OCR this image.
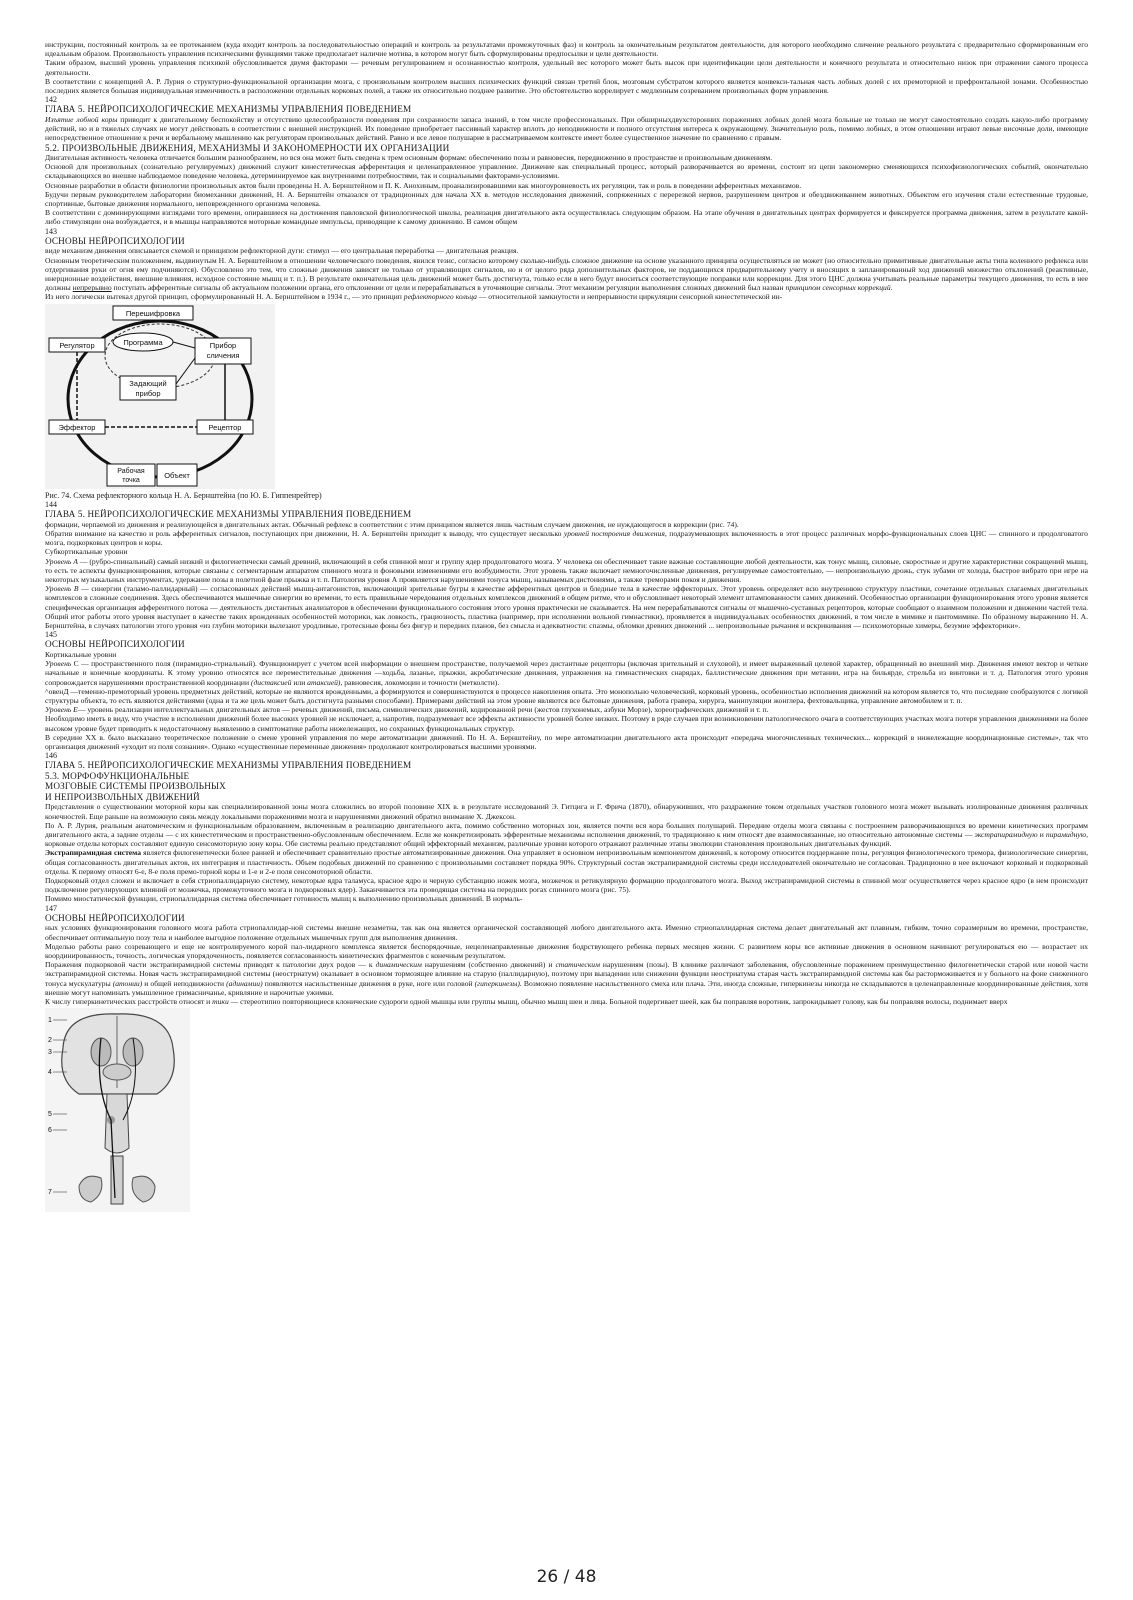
инструкции, постоянный контроль за ее протеканием (куда входит контроль за последовательностью операций и контроль за результатами промежуточных фаз) и контроль за окончательным результатом деятельности, для которого необходимо сличение реального результата с предварительно сформированным его идеальным образом. Произвольность управления психическими функциями также предполагает наличие мотива, в котором могут быть сформулированы предпосылки и цели деятельности.

Таким образом, высший уровень управления психикой обусловливается двумя факторами — речевым регулированием и осознанностью контроля, удельный вес которого может быть высок при идентификации цели деятельности и конечного результата и относительно низок при отражении самого процесса деятельности.

В соответствии с концепцией А. Р. Лурия о структурно-функциональной организации мозга, с произвольным контролем высших психических функций связан третий блок, мозговым субстратом которого является конвекси-тальная часть лобных долей с их премоторной и префронтальной зонами. Особенностью последних является большая индивидуальная изменчивость в расположении отдельных корковых полей, а также их относительно позднее развитие. Это обстоятельство коррелирует с медленным созреванием произвольных форм управления.

142

ГЛАВА 5. НЕЙРОПСИХОЛОГИЧЕСКИЕ МЕХАНИЗМЫ УПРАВЛЕНИЯ ПОВЕДЕНИЕМ

Изъятие лобной коры приводит к двигательному беспокойству и отсутствию целесообразности поведения при сохранности запаса знаний, в том числе профессиональных. При обширныхдвухсторонних поражениях лобных долей мозга больные не только не могут самостоятельно создать какую-либо программу действий, но и в тяжелых случаях не могут действовать в соответствии с внешней инструкцией. Их поведение приобретает пассивный характер вплоть до неподвижности и полного отсутствия интереса к окружающему. Значительную роль, помимо лобных, в этом отношении играют левые височные доли, имеющие непосредственное отношение к речи и вербальному мышлению как регуляторам произвольных действий. Равно и все левое полушарие в рассматриваемом контексте имеет более существенное значение по сравнению с правым.

5.2. ПРОИЗВОЛЬНЫЕ ДВИЖЕНИЯ, МЕХАНИЗМЫ И ЗАКОНОМЕРНОСТИ ИХ ОРГАНИЗАЦИИ

Двигательная активность человека отличается большим разнообразием, но вся она может быть сведена к трем основным формам: обеспечению позы и равновесия, передвижению в пространстве и произвольным движениям.

Основой для произвольных (сознательно регулируемых) движений служит кинестетическая афферентация и целенаправленное управление. Движение как специальный процесс, который разворачивается во времени, состоит из цепи закономерно сменяющихся психофизиологических событий, окончательно складывающихся во внешне наблюдаемое поведение человека, детерминируемое как внутренними потребностями, так и социальными факторами-условиями.

Основные разработки в области физиологии произвольных актов были проведены Н. А. Бернштейном и П. К. Анохиным, проанализировавшими как многоуровневость их регуляции, так и роль в поведении афферентных механизмов.

Будучи первым руководителем лаборатории биомеханики движений, Н. А. Бернштейн отказался от традиционных для начала XX в. методов исследования движений, сопряженных с перерезкой нервов, разрушением центров и обездвиживанием животных. Объектом его изучения стали естественные трудовые, спортивные, бытовые движения нормального, неповрежденного организма человека.

В соответствии с доминирующими взглядами того времени, опиравшиеся на достижения павловской физиологической школы, реализация двигательного акта осуществлялась следующим образом. На этапе обучения в двигательных центрах формируется и фиксируется программа движения, затем в результате какой-либо стимуляции она возбуждается, и в мышцы направляются моторные командные импульсы, приводящие к самому движению. В самом общем

143

ОСНОВЫ НЕЙРОПСИХОЛОГИИ

виде механизм движения описывается схемой и принципом рефлекторной дуги: стимул — его центральная переработка — двигательная реакция.

Основным теоретическим положением, выдвинутым Н. А. Бернштейном в отношении человеческого поведения, явился тезис, согласно которому сколько-нибудь сложное движение на основе указанного принципа осуществляться не может (но относительно примитивные двигательные акты типа коленного рефлекса или отдергивания руки от огня ему подчиняются). Обусловлено это тем, что сложные движения зависят не только от управляющих сигналов, но и от целого ряда дополнительных факторов, не поддающихся предварительному учету и вносящих в запланированный ход движений множество отклонений (реактивные, инерционные воздействия, внешние влияния, исходное состояние мышц и т. п.). В результате окончательная цель движений может быть достигнута, только если в него будут вноситься соответствующие поправки или коррекции. Для этого ЦНС должна учитывать реальные параметры текущего движения, то есть в нее должны непрерывно поступать афферентные сигналы об актуальном положении органа, его отклонении от цели и перерабатываться в уточняющие сигналы. Этот механизм регуляции выполнения сложных движений был назван принципом сенсорных коррекций.

Из него логически вытекал другой принцип, сформулированный Н. А. Бернштейном в 1934 г., — это принцип рефлекторного кольца — относительной замкнутости и непрерывности циркуляции сенсорной кинестетической ин-

Перешифровка
Регулятор	Программа	Прибор
сличения
Задающий
прибор
Эффектор	Рецептор
Рабочая
точка
Объект

Рис. 74. Схема рефлекторного кольца Н. А. Бернштейна (по Ю. Б. Гиппенрейтер)

144

ГЛАВА 5. НЕЙРОПСИХОЛОГИЧЕСКИЕ МЕХАНИЗМЫ УПРАВЛЕНИЯ ПОВЕДЕНИЕМ

формации, черпаемой из движения и реализующейся в двигательных актах. Обычный рефлекс в соответствии с этим принципом является лишь частным случаем движения, не нуждающегося в коррекции (рис. 74).

Обратив внимание на качество и роль афферентных сигналов, поступающих при движении, Н. А. Бернштейн приходит к выводу, что существует несколько уровней построения движения, подразумевающих включенность в этот процесс различных морфо-функциональных слоев ЦНС — спинного и продолговатого мозга, подкорковых центров и коры.

Субкортикальные уровни

Уровень А — (рубро-спинальный) самый низкий и филогенетически самый древний, включающий в себя спинной мозг и группу ядер продолговатого мозга. У человека он обеспечивает такие важные составляющие любой деятельности, как тонус мышц, силовые, скоростные и другие характеристики сокращений мышц, то есть те аспекты функционирования, которые связаны с сегментарным аппаратом спинного мозга и фоновыми изменениями его возбудимости. Этот уровень также включает немногочисленные движения, регулируемые самостоятельно, — непроизвольную дрожь, стук зубами от холода, быстрое вибрато при игре на некоторых музыкальных инструментах, удержание позы в полетной фазе прыжка и т. п. Патология уровня А проявляется нарушениями тонуса мышц, называемых дистониями, а также треморами покоя и движения.

Уровень В — синергии (таламо-паллидарный) — согласованных действий мышц-антагонистов, включающий зрительные бугры в качестве афферентных центров и бледные тела в качестве эффекторных. Этот уровень определяет всю внутреннюю структуру пластики, сочетание отдельных слагаемых двигательных комплексов в сложные соединения. Здесь обеспечиваются мышечные синергии во времени, то есть правильные чередования отдельных комплексов движений в общем ритме, что и обусловливает некоторый элемент штампованности самих движений. Особенностью организации функционирования этого уровня является специфическая организация афферентного потока — деятельность дистантных анализаторов в обеспечении функционального состояния этого уровня практически не сказывается. На нем перерабатываются сигналы от мышечно-суставных рецепторов, которые сообщают о взаимном положении и движении частей тела. Общий итог работы этого уровня выступает в качестве таких врожденных особенностей моторики, как ловкость, грациозность, пластика (например, при исполнении вольной гимнастики), проявляется в индивидуальных особенностях движений, в том числе в мимике и пантомимике. По образному выражению Н. А. Бернштейна, в случаях патологии этого уровня «из глубин моторики вылезают уродливые, гротескные фоны без фигур и передних планов, без смысла и адекватности: спазмы, обломки древних движений ... непроизвольные рычания и вскрикивания — психомоторные химеры, безумие эффекторики».

145

ОСНОВЫ НЕЙРОПСИХОЛОГИИ

Кортикальные уровни

Уровень С — пространственного поля (пирамидно-стриальный). Функционирует с учетом всей информации о внешнем пространстве, получаемой через дистантные рецепторы (включая зрительный и слуховой), и имеет выраженный целевой характер, обращенный во внешний мир. Движения имеют вектор и четкие начальные и конечные координаты. К этому уровню относятся все переместительные движения —ходьба, лазанье, прыжки, акробатические движения, упражнения на гимнастических снарядах, баллистические движения при метании, игра на бильярде, стрельба из винтовки и т. д. Патология этого уровня сопровождается нарушениями пространственной координации (дистаксией или атаксией), равновесия, локомоции и точности (метколсти).

^овенД —теменно-премоторный уровень предметных действий, которые не являются врожденными, а формируются и совершенствуются в процессе накопления опыта. Это монопольно человеческий, корковый уровень, особенностью исполнения движений на котором является то, что последние сообразуются с логикой структуры объекта, то есть являются действиями (одна и та же цель может быть достигнута разными способами). Примерами действий на этом уровне являются все бытовые движения, работа гравера, хирурга, манипуляции жонглера, фехтовальщика, управление автомобилем и т. п.

Уровень Е— уровень реализации интеллектуальных двигательных актов — речевых движений, письма, символических движений, кодированной речи (жестов глухонемых, азбуки Морзе), хореографических движений и т. п.

Необходимо иметь в виду, что участие в исполнении движений более высоких уровней не исключает, а, напротив, подразумевает все эффекты активности уровней более низких. Поэтому в ряде случаев при возникновении патологического очага в соответствующих участках мозга потеря управления движениями на более высоком уровне будет приводить к недостаточному выявлению в симптоматике работы нижележащих, но сохранных функциональных структур.

В середине XX в. было высказано теоретическое положение о смене уровней управления по мере автоматизации движений. По Н. А. Бернштейну, по мере автоматизации двигательного акта происходит «передача многочисленных технических... коррекций в нижележащие координационные системы», так что организация движений «уходит из поля сознания». Однако «существенные переменные движения» продолжают контролироваться высшими уровнями.

146

ГЛАВА 5. НЕЙРОПСИХОЛОГИЧЕСКИЕ МЕХАНИЗМЫ УПРАВЛЕНИЯ ПОВЕДЕНИЕМ

5.3. МОРФОФУНКЦИОНАЛЬНЫЕ

МОЗГОВЫЕ СИСТЕМЫ ПРОИЗВОЛЬНЫХ

И НЕПРОИЗВОЛЬНЫХ ДВИЖЕНИЙ

Представления о существовании моторной коры как специализированной зоны мозга сложились во второй половине XIX в. в результате исследований Э. Гитцига и Г. Фрича (1870), обнаруживших, что раздражение током отдельных участков головного мозга может вызывать изолированные движения различных конечностей. Еще раньше на возможную связь между локальными поражениями мозга и нарушениями движений обратил внимание X. Джексон.

По А. Р. Лурия, реальным анатомическим и функциональным образованием, включенным в реализацию двигательного акта, помимо собственно моторных зон, является почти вся кора больших полушарий. Передние отделы мозга связаны с построением разворачивающихся во времени кинетических программ двигательного акта, а задние отделы — с их кинестетическим и пространственно-обусловленным обеспечением. Если же конкретизировать эфферентные механизмы исполнения движений, то традиционно к ним относят две взаимосвязанные, но относительно автономные системы — экстрапирамидную и пирамидную, корковые отделы которых составляют единую сенсомоторную зону коры. Обе системы реально представляют общий эффекторный механизм, различные уровни которого отражают различные этапы эволюции становления произвольных двигательных функций.

Экстрапирамидная система является филогенетически более ранней и обеспечивает сравнительно простые автоматизированные движения. Она управляет в основном непроизвольным компонентом движений, к которому относится поддержание позы, регуляция физиологического тремора, физиологические синергии, общая согласованность двигательных актов, их интеграция и пластичность. Объем подобных движений по сравнению с произвольными составляет порядка 90%. Структурный состав экстрапирамидной системы среди исследователей окончательно не согласован. Традиционно в нее включают корковый и подкорковый отделы. К первому относят 6-е, 8-е поля премо-торной коры и 1-е и 2-е поля сенсомоторной области.

Подкорковый отдел сложен и включает в себя стриопаллидарную систему, некоторые ядра таламуса, красное ядро и черную субстанцию ножек мозга, мозжечок и ретикулярную формацию продолговатого мозга. Выход экстрапирамидной системы в спинной мозг осуществляется через красное ядро (в нем происходит подключение регулирующих влияний от мозжечка, промежуточного мозга и подкорковых ядер). Заканчивается эта проводящая система на передних рогах спинного мозга (рис. 75).

Помимо миостатической функции, стриопаллидарная система обеспечивает готовность мышц к выполнению произвольных движений. В нормаль-

147

ОСНОВЫ НЕЙРОПСИХОЛОГИИ

ных условиях функционирования головного мозга работа стриопаллидар-ной системы внешне незаметна, так как она является органической составляющей любого двигательного акта. Именно стриопаллидарная система делает двигательный акт плавным, гибким, точно соразмерным во времени, пространстве, обеспечивает оптимальную позу тела и наиболее выгодное положение отдельных мышечных групп для выполнения движения.

Моделью работы рано созревающего и еще не контролируемого корой пал-лидарного комплекса является беспорядочные, нецеленаправленные движения бодрствующего ребенка первых месяцев жизни. С развитием коры все активные движения в основном начинают регулироваться ею — возрастает их координированность, точность, логическая упорядоченность, появляется согласованность кинетических фрагментов с конечным результатом.

Поражения подкорковой части экстрапирамидной системы приводят к патологии двух родов — к динамическим нарушениям (собственно движений) и статическим нарушениям (позы). В клинике различают заболевания, обусловленные поражением преимущественно филогенетически старой или новой части экстрапирамидной системы. Новая часть экстрапирамидной системы (неостриатум) оказывает в основном тормозящее влияние на старую (паллидарную), поэтому при выпадении или снижении функции неостриатума старая часть экстрапирамидной системы как бы расторможивается и у больного на фоне сниженного тонуса мускулатуры (атонии) и общей неподвижности (адинамии) появляются насильственные движения в руке, ноге или головой (гиперкинезы). Возможно появление насильственного смеха или плача. Эти, иногда сложные, гиперкинезы никогда не складываются в целенаправленные координированные действия, хотя внешне могут напоминать умышленное гримасничанье, кривляние и нарочитые ужимки.

К числу гиперкинетических расстройств относят и тики — стереотипно повторяющиеся клонические судороги одной мышцы или группы мышц, обычно мышц шеи и лица. Больной подергивает шеей, как бы поправляя воротник, запрокидывает голову, как бы поправляя волосы, поднимает вверх

1
2
3
4
5
6
7
26 / 48
